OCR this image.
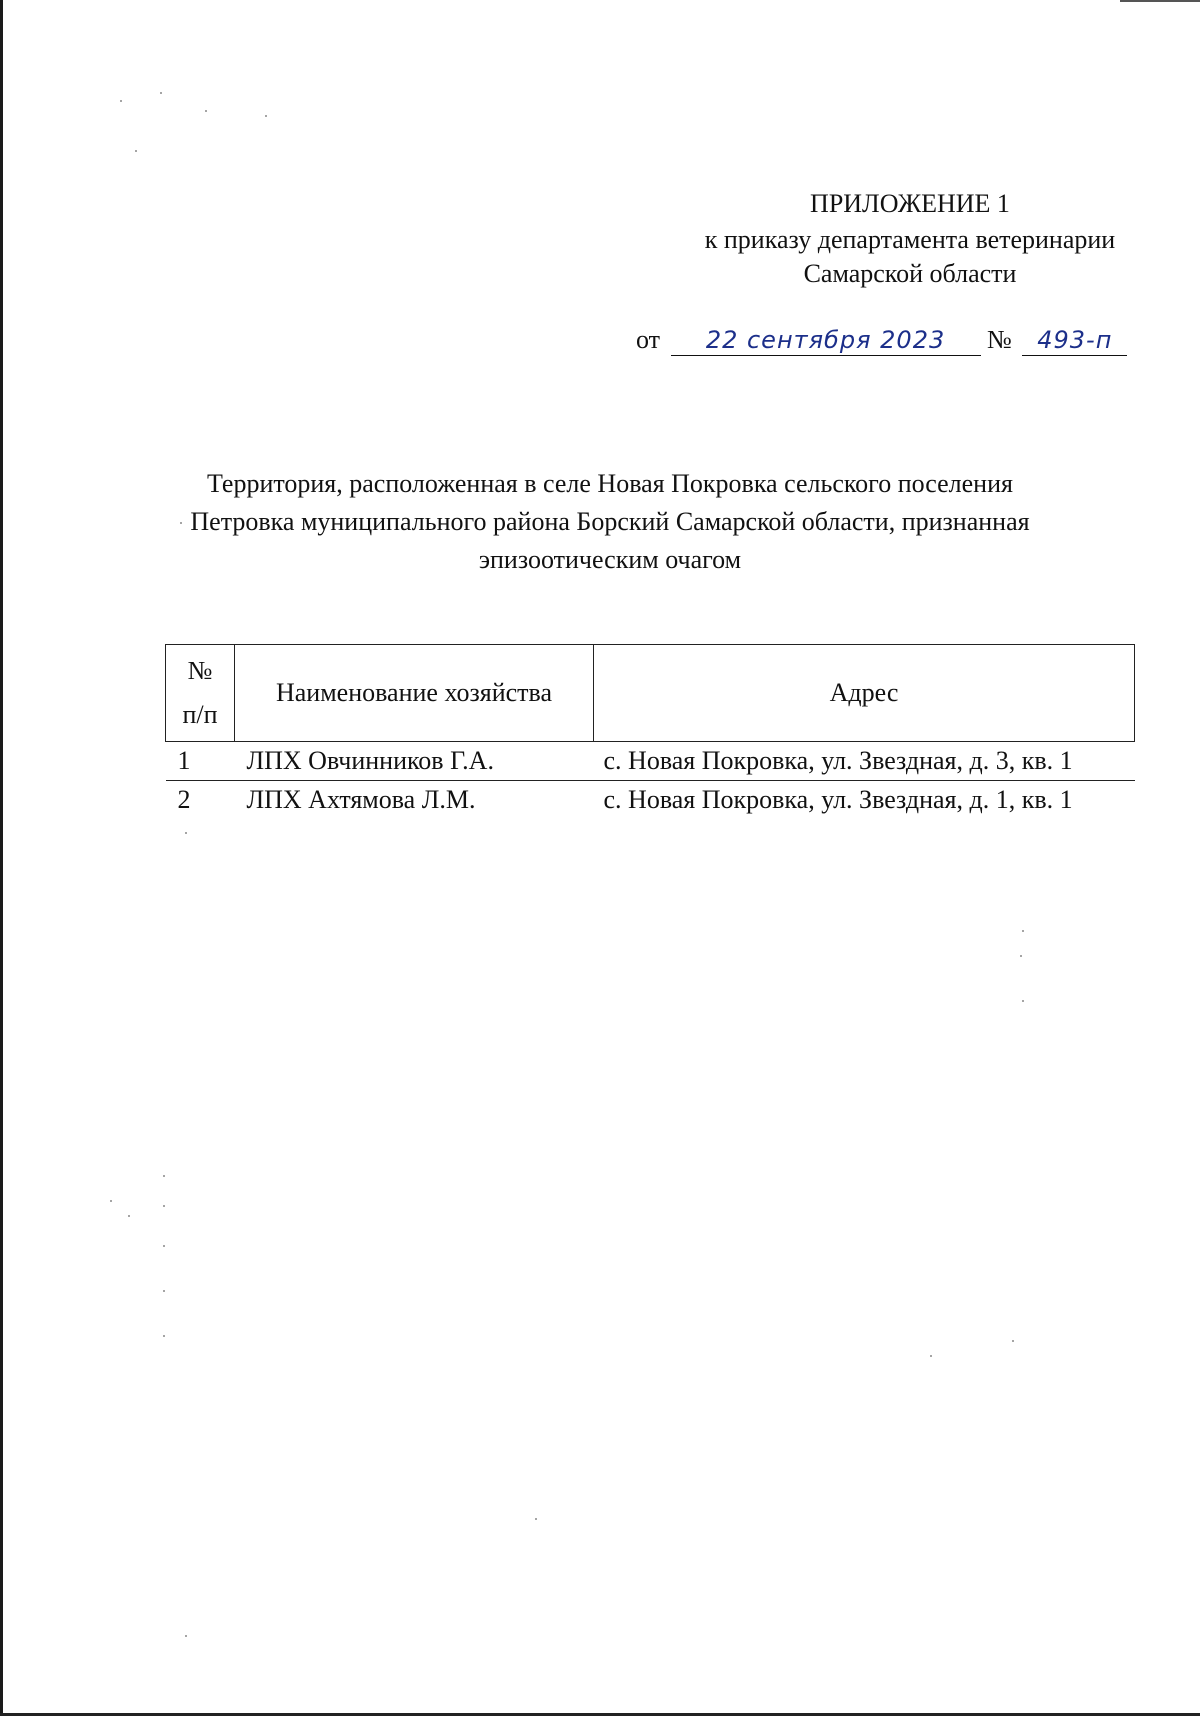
ПРИЛОЖЕНИЕ 1
к приказу департамента ветеринарии
Самарской области
от 22 сентября 2023 № 493-п
Территория, расположенная в селе Новая Покровка сельского поселения
Петровка муниципального района Борский Самарской области, признанная
эпизоотическим очагом
№
п/п	Наименование хозяйства	Адрес
1	ЛПХ Овчинников Г.А.	с. Новая Покровка, ул. Звездная, д. 3, кв. 1
2	ЛПХ Ахтямова Л.М.	с. Новая Покровка, ул. Звездная, д. 1, кв. 1
